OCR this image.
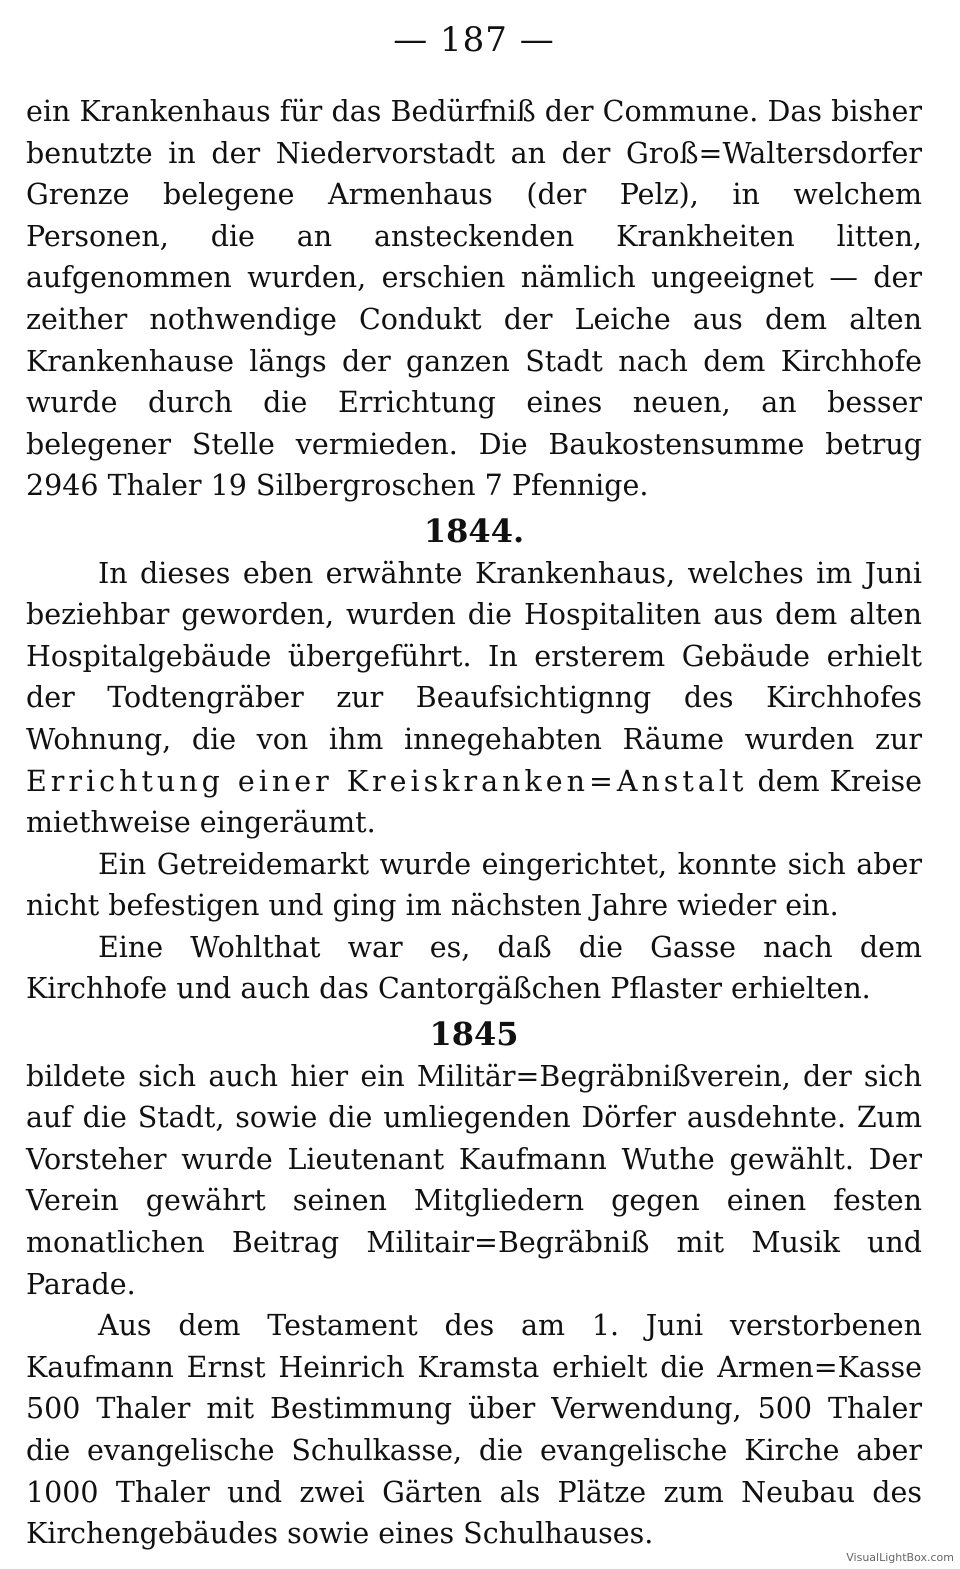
— 187 —

ein Krankenhaus für das Bedürfniß der Commune. Das bisher benutzte in der Niedervorstadt an der Groß=Waltersdorfer Grenze belegene Armenhaus (der Pelz), in welchem Personen, die an ansteckenden Krankheiten litten, aufgenommen wurden, erschien nämlich ungeeignet — der zeither nothwendige Condukt der Leiche aus dem alten Krankenhause längs der ganzen Stadt nach dem Kirchhofe wurde durch die Errichtung eines neuen, an besser belegener Stelle vermieden. Die Baukostensumme betrug 2946 Thaler 19 Silbergroschen 7 Pfennige.

1844.

In dieses eben erwähnte Krankenhaus, welches im Juni beziehbar geworden, wurden die Hospitaliten aus dem alten Hospitalgebäude übergeführt. In ersterem Gebäude erhielt der Todtengräber zur Beaufsichtignng des Kirchhofes Wohnung, die von ihm innegehabten Räume wurden zur Errichtung einer Kreiskranken=Anstalt dem Kreise miethweise eingeräumt.

Ein Getreidemarkt wurde eingerichtet, konnte sich aber nicht befestigen und ging im nächsten Jahre wieder ein.

Eine Wohlthat war es, daß die Gasse nach dem Kirchhofe und auch das Cantorgäßchen Pflaster erhielten.

1845

bildete sich auch hier ein Militär=Begräbnißverein, der sich auf die Stadt, sowie die umliegenden Dörfer ausdehnte. Zum Vorsteher wurde Lieutenant Kaufmann Wuthe gewählt. Der Verein gewährt seinen Mitgliedern gegen einen festen monatlichen Beitrag Militair=Begräbniß mit Musik und Parade.

Aus dem Testament des am 1. Juni verstorbenen Kaufmann Ernst Heinrich Kramsta erhielt die Armen=Kasse 500 Thaler mit Bestimmung über Verwendung, 500 Thaler die evangelische Schulkasse, die evangelische Kirche aber 1000 Thaler und zwei Gärten als Plätze zum Neubau des Kirchengebäudes sowie eines Schulhauses.

VisualLightBox.com
